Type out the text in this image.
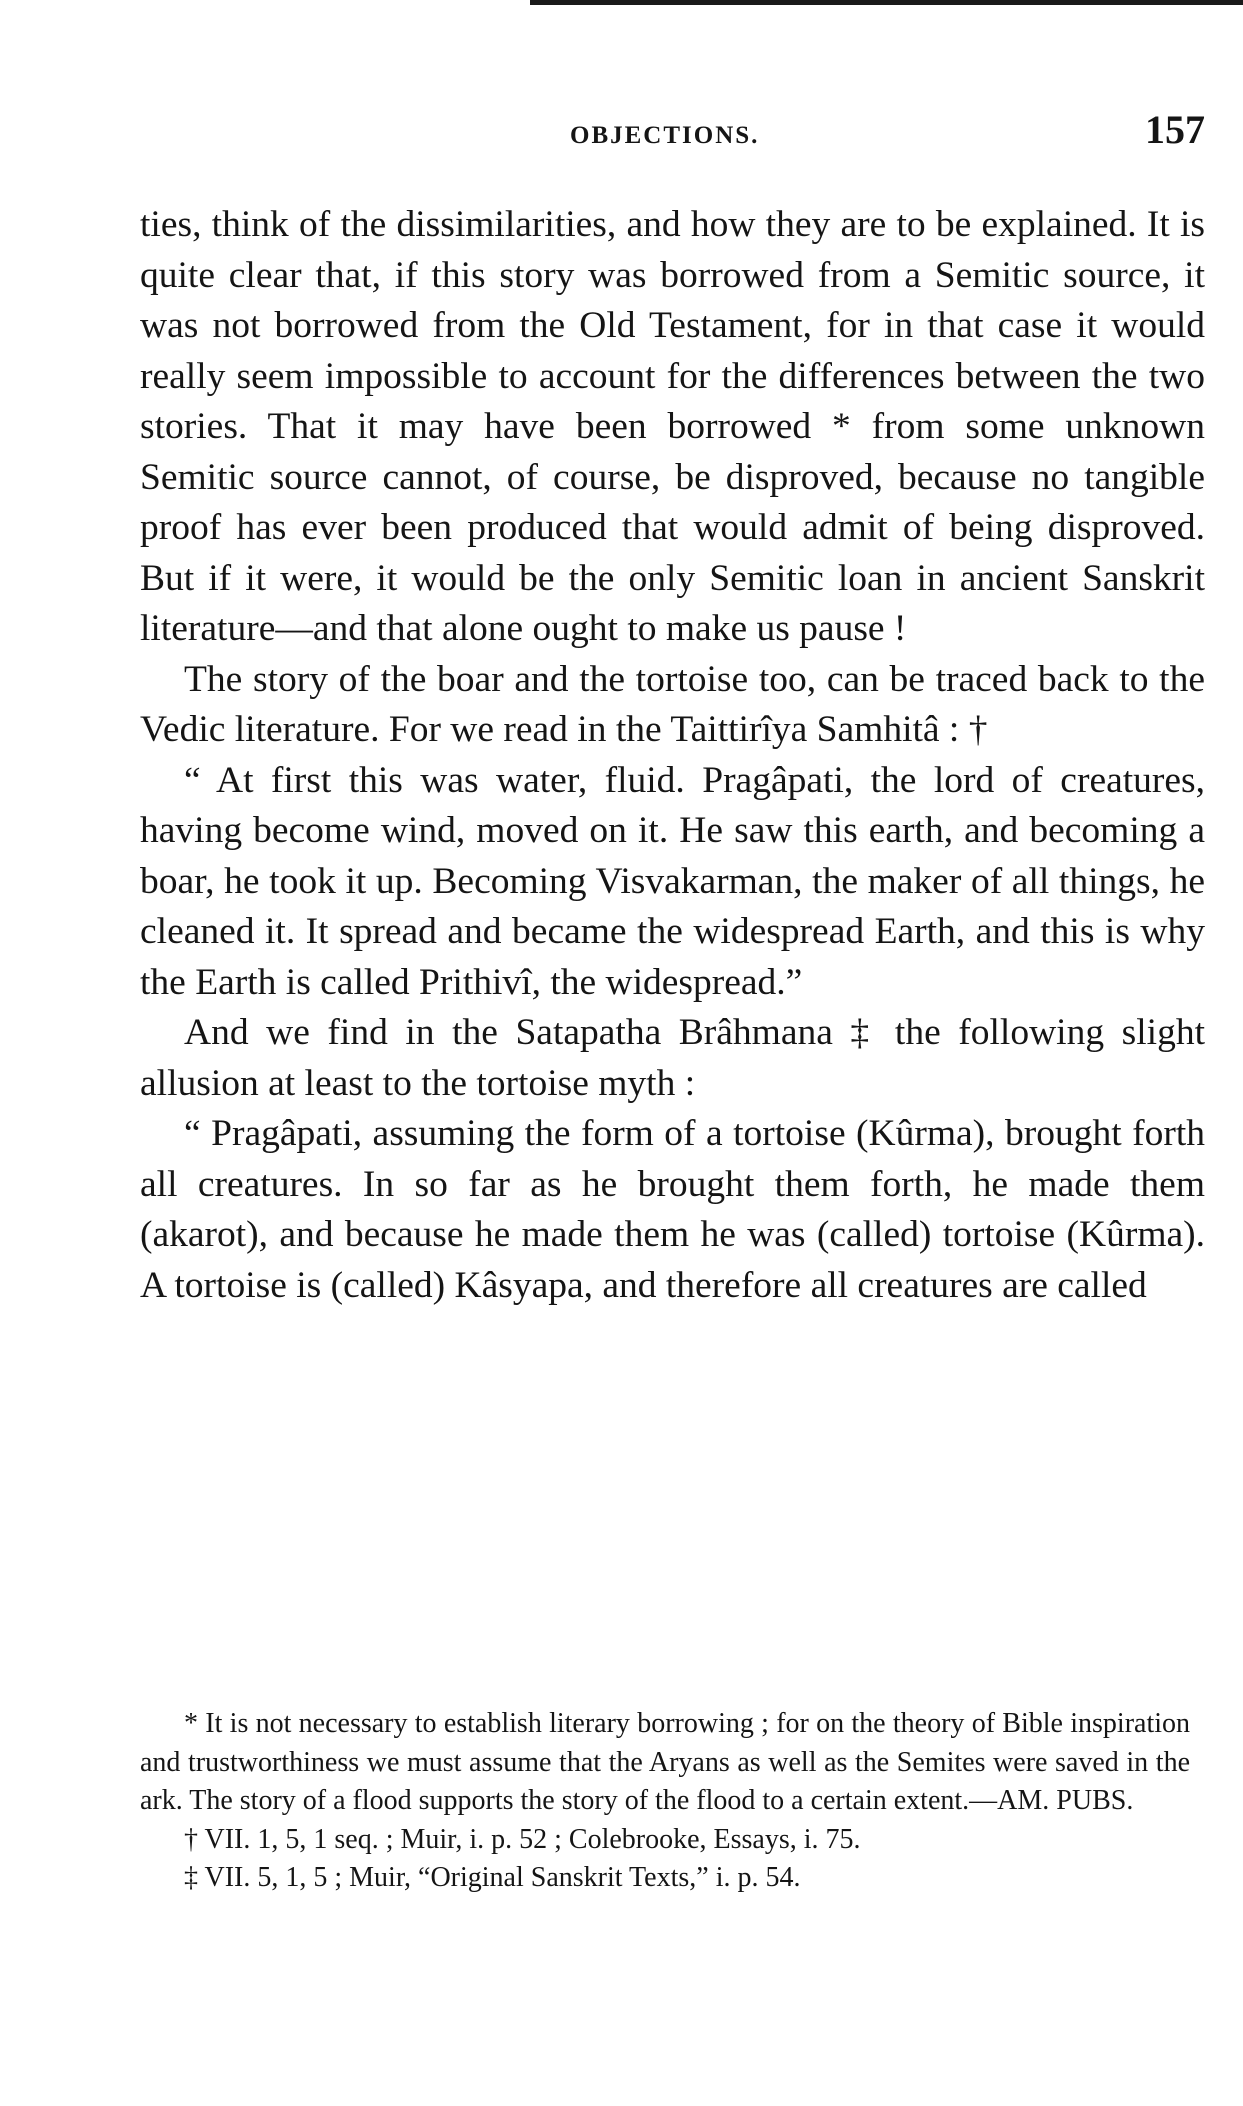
OBJECTIONS.	157

ties, think of the dissimilarities, and how they are to be explained. It is quite clear that, if this story was borrowed from a Semitic source, it was not borrowed from the Old Testament, for in that case it would really seem impossible to account for the differences between the two stories. That it may have been borrowed * from some unknown Semitic source cannot, of course, be disproved, because no tangible proof has ever been produced that would admit of being disproved. But if it were, it would be the only Semitic loan in ancient Sanskrit literature—and that alone ought to make us pause !

The story of the boar and the tortoise too, can be traced back to the Vedic literature. For we read in the Taittirîya Samhitâ : †

“ At first this was water, fluid. Pragâpati, the lord of creatures, having become wind, moved on it. He saw this earth, and becoming a boar, he took it up. Becoming Visvakarman, the maker of all things, he cleaned it. It spread and became the widespread Earth, and this is why the Earth is called Prithivî, the widespread.”

And we find in the Satapatha Brâhmana ‡ the following slight allusion at least to the tortoise myth :

“ Pragâpati, assuming the form of a tortoise (Kûrma), brought forth all creatures. In so far as he brought them forth, he made them (akarot), and because he made them he was (called) tortoise (Kûrma). A tortoise is (called) Kâsyapa, and therefore all creatures are called

* It is not necessary to establish literary borrowing ; for on the theory of Bible inspiration and trustworthiness we must assume that the Aryans as well as the Semites were saved in the ark. The story of a flood supports the story of the flood to a certain extent.—AM. PUBS.

† VII. 1, 5, 1 seq. ; Muir, i. p. 52 ; Colebrooke, Essays, i. 75.

‡ VII. 5, 1, 5 ; Muir, “Original Sanskrit Texts,” i. p. 54.
